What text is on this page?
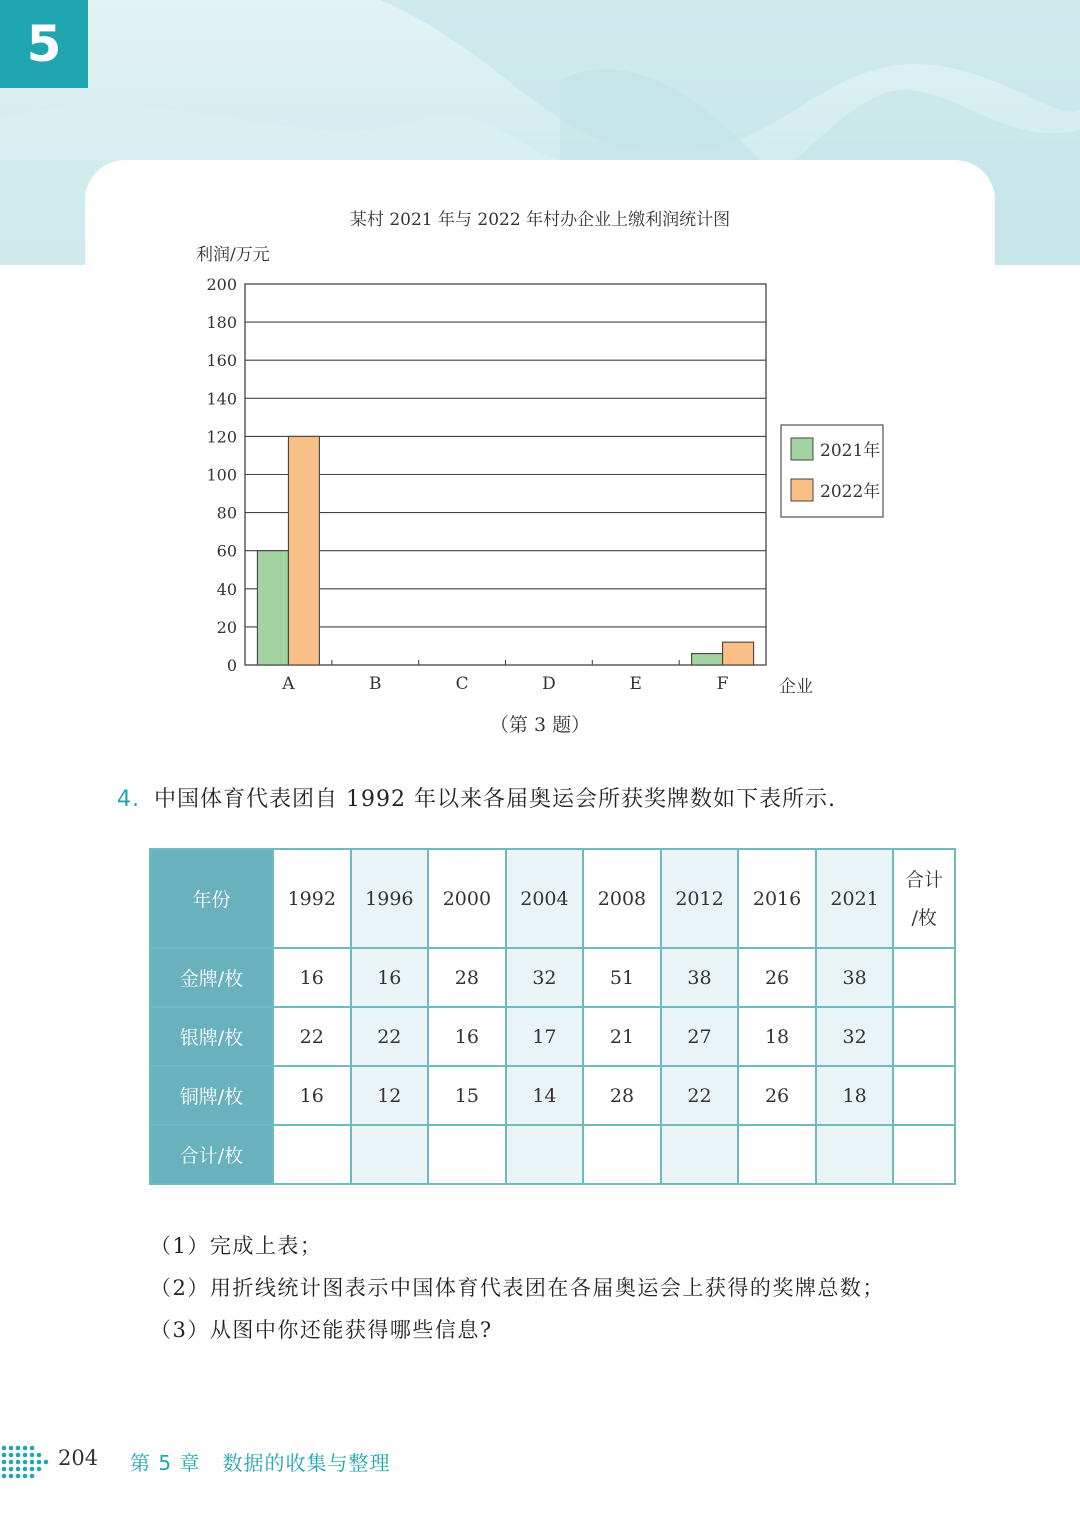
5
某村 2021 年与 2022 年村办企业上缴利润统计图
利润/万元
0
20
40
60
80
100
120
140
160
180
200
A	B	C	D	E	F
2021年
2022年
企业
（第 3 题）
4. 中国体育代表团自 1992 年以来各届奥运会所获奖牌数如下表所示.
年份	1992	1996	2000	2004	2008	2012	2016	2021	合计
/枚
金牌/枚	16	16	28	32	51	38	26	38	
银牌/枚	22	22	16	17	21	27	18	32	
铜牌/枚	16	12	15	14	28	22	26	18	
合计/枚									
（1）完成上表；
（2）用折线统计图表示中国体育代表团在各届奥运会上获得的奖牌总数；
（3）从图中你还能获得哪些信息?
204 第 5 章   数据的收集与整理
